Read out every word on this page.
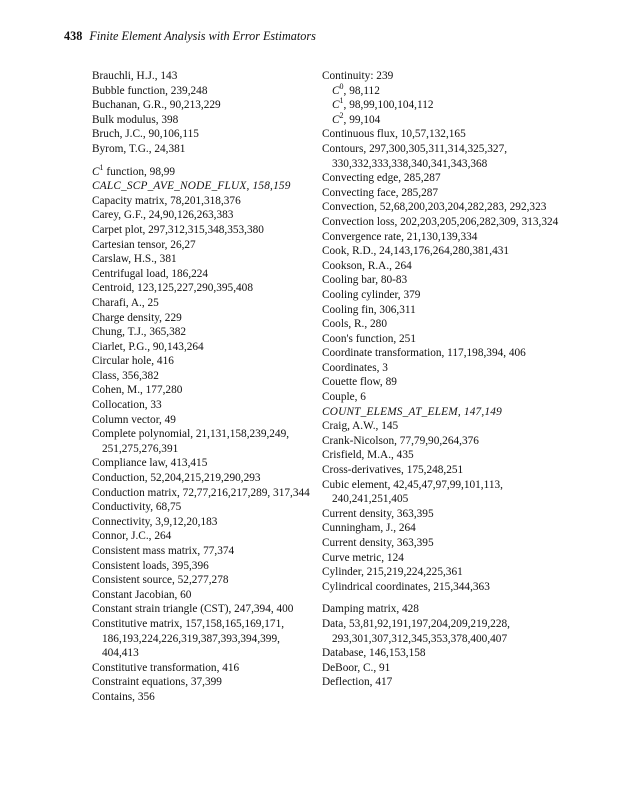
438 Finite Element Analysis with Error Estimators
Brauchli, H.J., 143
Bubble function, 239,248
Buchanan, G.R., 90,213,229
Bulk modulus, 398
Bruch, J.C., 90,106,115
Byrom, T.G., 24,381
$C^1$ function, 98,99
CALC_SCP_AVE_NODE_FLUX, 158,159
Capacity matrix, 78,201,318,376
Carey, G.F., 24,90,126,263,383
Carpet plot, 297,312,315,348,353,380
Cartesian tensor, 26,27
Carslaw, H.S., 381
Centrifugal load, 186,224
Centroid, 123,125,227,290,395,408
Charafi, A., 25
Charge density, 229
Chung, T.J., 365,382
Ciarlet, P.G., 90,143,264
Circular hole, 416
Class, 356,382
Cohen, M., 177,280
Collocation, 33
Column vector, 49
Complete polynomial, 21,131,158,239,249, 251,275,276,391
Compliance law, 413,415
Conduction, 52,204,215,219,290,293
Conduction matrix, 72,77,216,217,289, 317,344
Conductivity, 68,75
Connectivity, 3,9,12,20,183
Connor, J.C., 264
Consistent mass matrix, 77,374
Consistent loads, 395,396
Consistent source, 52,277,278
Constant Jacobian, 60
Constant strain triangle (CST), 247,394, 400
Constitutive matrix, 157,158,165,169,171, 186,193,224,226,319,387,393,394,399, 404,413
Constitutive transformation, 416
Constraint equations, 37,399
Contains, 356
Continuity: 239
$C^0$, 98,112
$C^1$, 98,99,100,104,112
$C^2$, 99,104
Continuous flux, 10,57,132,165
Contours, 297,300,305,311,314,325,327, 330,332,333,338,340,341,343,368
Convecting edge, 285,287
Convecting face, 285,287
Convection, 52,68,200,203,204,282,283, 292,323
Convection loss, 202,203,205,206,282,309, 313,324
Convergence rate, 21,130,139,334
Cook, R.D., 24,143,176,264,280,381,431
Cookson, R.A., 264
Cooling bar, 80-83
Cooling cylinder, 379
Cooling fin, 306,311
Cools, R., 280
Coon's function, 251
Coordinate transformation, 117,198,394, 406
Coordinates, 3
Couette flow, 89
Couple, 6
COUNT_ELEMS_AT_ELEM, 147,149
Craig, A.W., 145
Crank-Nicolson, 77,79,90,264,376
Crisfield, M.A., 435
Cross-derivatives, 175,248,251
Cubic element, 42,45,47,97,99,101,113, 240,241,251,405
Current density, 363,395
Cunningham, J., 264
Current density, 363,395
Curve metric, 124
Cylinder, 215,219,224,225,361
Cylindrical coordinates, 215,344,363
Damping matrix, 428
Data, 53,81,92,191,197,204,209,219,228, 293,301,307,312,345,353,378,400,407
Database, 146,153,158
DeBoor, C., 91
Deflection, 417
